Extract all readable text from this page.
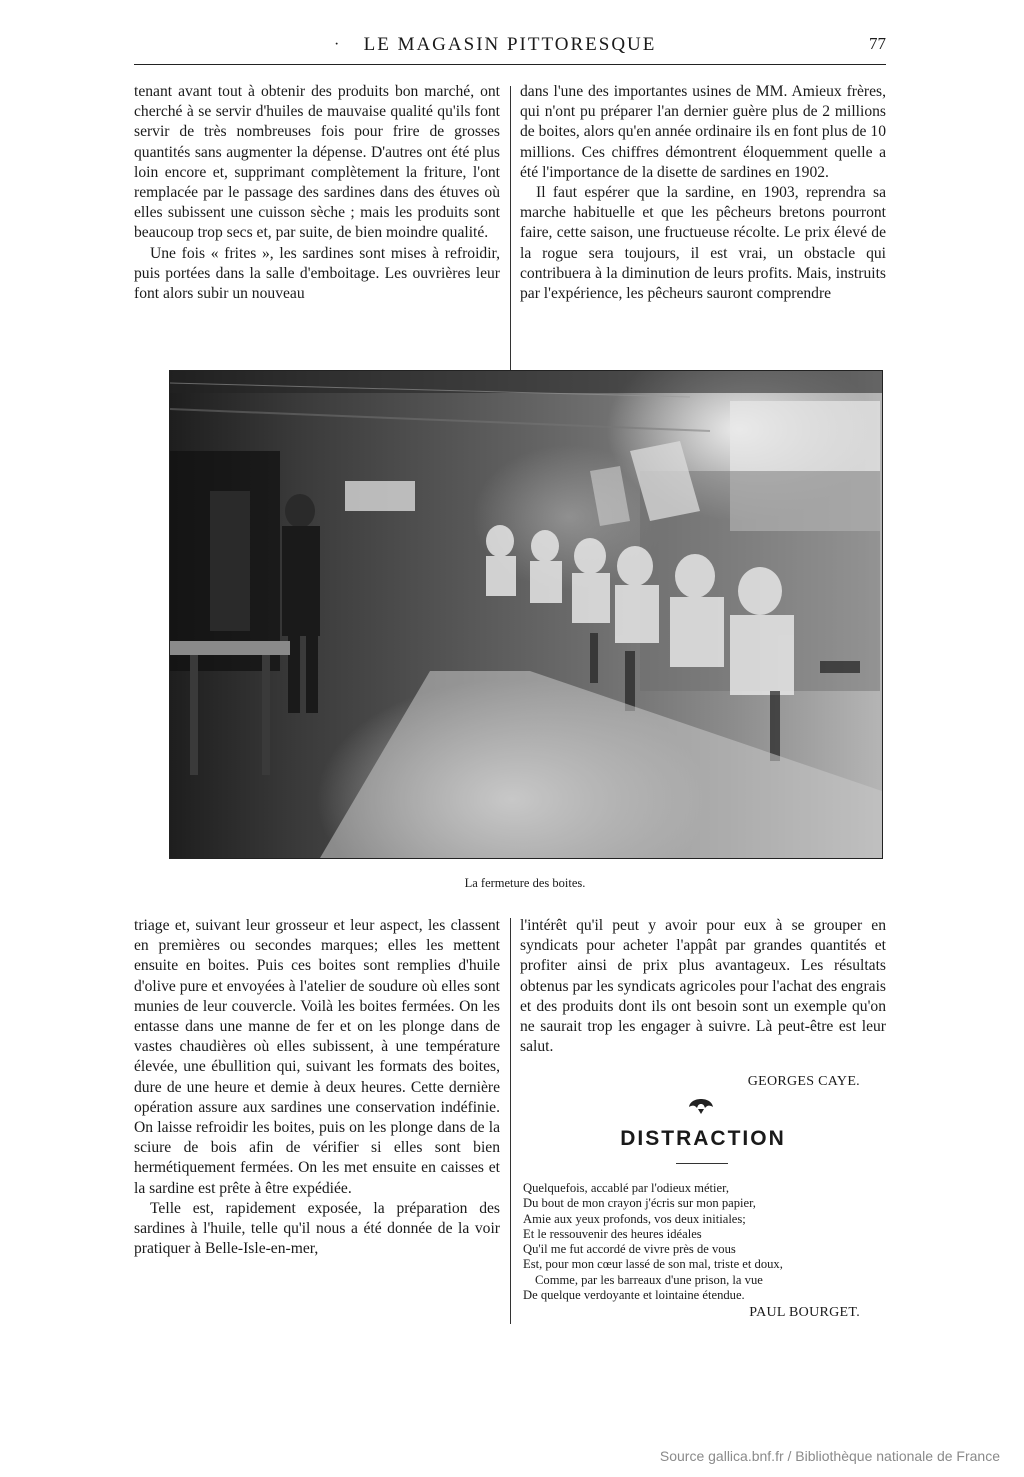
·	LE MAGASIN PITTORESQUE	77

tenant avant tout à obtenir des produits bon marché, ont cherché à se servir d'huiles de mauvaise qualité qu'ils font servir de très nombreuses fois pour frire de grosses quantités sans augmenter la dépense. D'autres ont été plus loin encore et, supprimant complètement la friture, l'ont remplacée par le passage des sardines dans des étuves où elles subissent une cuisson sèche ; mais les produits sont beaucoup trop secs et, par suite, de bien moindre qualité.

Une fois « frites », les sardines sont mises à refroidir, puis portées dans la salle d'emboitage. Les ouvrières leur font alors subir un nouveau

dans l'une des importantes usines de MM. Amieux frères, qui n'ont pu préparer l'an dernier guère plus de 2 millions de boites, alors qu'en année ordinaire ils en font plus de 10 millions. Ces chiffres démontrent éloquemment quelle a été l'importance de la disette de sardines en 1902.

Il faut espérer que la sardine, en 1903, reprendra sa marche habituelle et que les pêcheurs bretons pourront faire, cette saison, une fructueuse récolte. Le prix élevé de la rogue sera toujours, il est vrai, un obstacle qui contribuera à la diminution de leurs profits. Mais, instruits par l'expérience, les pêcheurs sauront comprendre

La fermeture des boites.

triage et, suivant leur grosseur et leur aspect, les classent en premières ou secondes marques; elles les mettent ensuite en boites. Puis ces boites sont remplies d'huile d'olive pure et envoyées à l'atelier de soudure où elles sont munies de leur couvercle. Voilà les boites fermées. On les entasse dans une manne de fer et on les plonge dans de vastes chaudières où elles subissent, à une température élevée, une ébullition qui, suivant les formats des boites, dure de une heure et demie à deux heures. Cette dernière opération assure aux sardines une conservation indéfinie. On laisse refroidir les boites, puis on les plonge dans de la sciure de bois afin de vérifier si elles sont bien hermétiquement fermées. On les met ensuite en caisses et la sardine est prête à être expédiée.

Telle est, rapidement exposée, la préparation des sardines à l'huile, telle qu'il nous a été donnée de la voir pratiquer à Belle-Isle-en-mer,

l'intérêt qu'il peut y avoir pour eux à se grouper en syndicats pour acheter l'appât par grandes quantités et profiter ainsi de prix plus avantageux. Les résultats obtenus par les syndicats agricoles pour l'achat des engrais et des produits dont ils ont besoin sont un exemple qu'on ne saurait trop les engager à suivre. Là peut-être est leur salut.

GEORGES CAYE.
DISTRACTION
Quelquefois, accablé par l'odieux métier,
Du bout de mon crayon j'écris sur mon papier,
Amie aux yeux profonds, vos deux initiales;
Et le ressouvenir des heures idéales
Qu'il me fut accordé de vivre près de vous
Est, pour mon cœur lassé de son mal, triste et doux,
Comme, par les barreaux d'une prison, la vue
De quelque verdoyante et lointaine étendue.
PAUL BOURGET.
Source gallica.bnf.fr / Bibliothèque nationale de France
